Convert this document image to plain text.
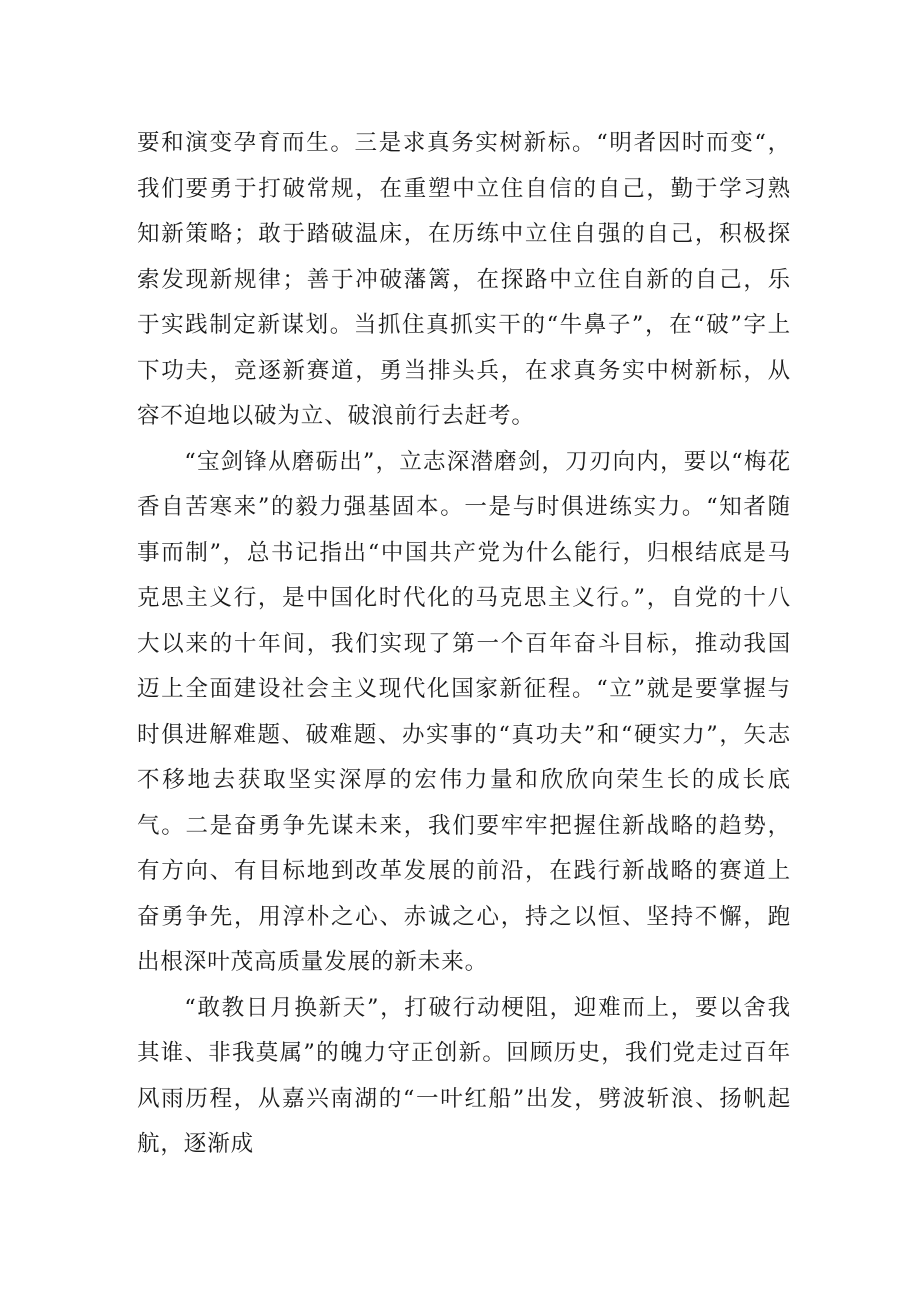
要和演变孕育而生。三是求真务实树新标。“明者因时而变“，我们要勇于打破常规，在重塑中立住自信的自己，勤于学习熟知新策略；敢于踏破温床，在历练中立住自强的自己，积极探索发现新规律；善于冲破藩篱，在探路中立住自新的自己，乐于实践制定新谋划。当抓住真抓实干的“牛鼻子”，在“破”字上下功夫，竞逐新赛道，勇当排头兵，在求真务实中树新标，从容不迫地以破为立、破浪前行去赶考。

“宝剑锋从磨砺出”，立志深潜磨剑，刀刃向内，要以“梅花香自苦寒来”的毅力强基固本。一是与时俱进练实力。“知者随事而制”，总书记指出“中国共产党为什么能行，归根结底是马克思主义行，是中国化时代化的马克思主义行。”，自党的十八大以来的十年间，我们实现了第一个百年奋斗目标，推动我国迈上全面建设社会主义现代化国家新征程。“立”就是要掌握与时俱进解难题、破难题、办实事的“真功夫”和“硬实力”，矢志不移地去获取坚实深厚的宏伟力量和欣欣向荣生长的成长底气。二是奋勇争先谋未来，我们要牢牢把握住新战略的趋势，有方向、有目标地到改革发展的前沿，在践行新战略的赛道上奋勇争先，用淳朴之心、赤诚之心，持之以恒、坚持不懈，跑出根深叶茂高质量发展的新未来。

“敢教日月换新天”，打破行动梗阻，迎难而上，要以舍我其谁、非我莫属”的魄力守正创新。回顾历史，我们党走过百年风雨历程，从嘉兴南湖的“一叶红船”出发，劈波斩浪、扬帆起航，逐渐成
